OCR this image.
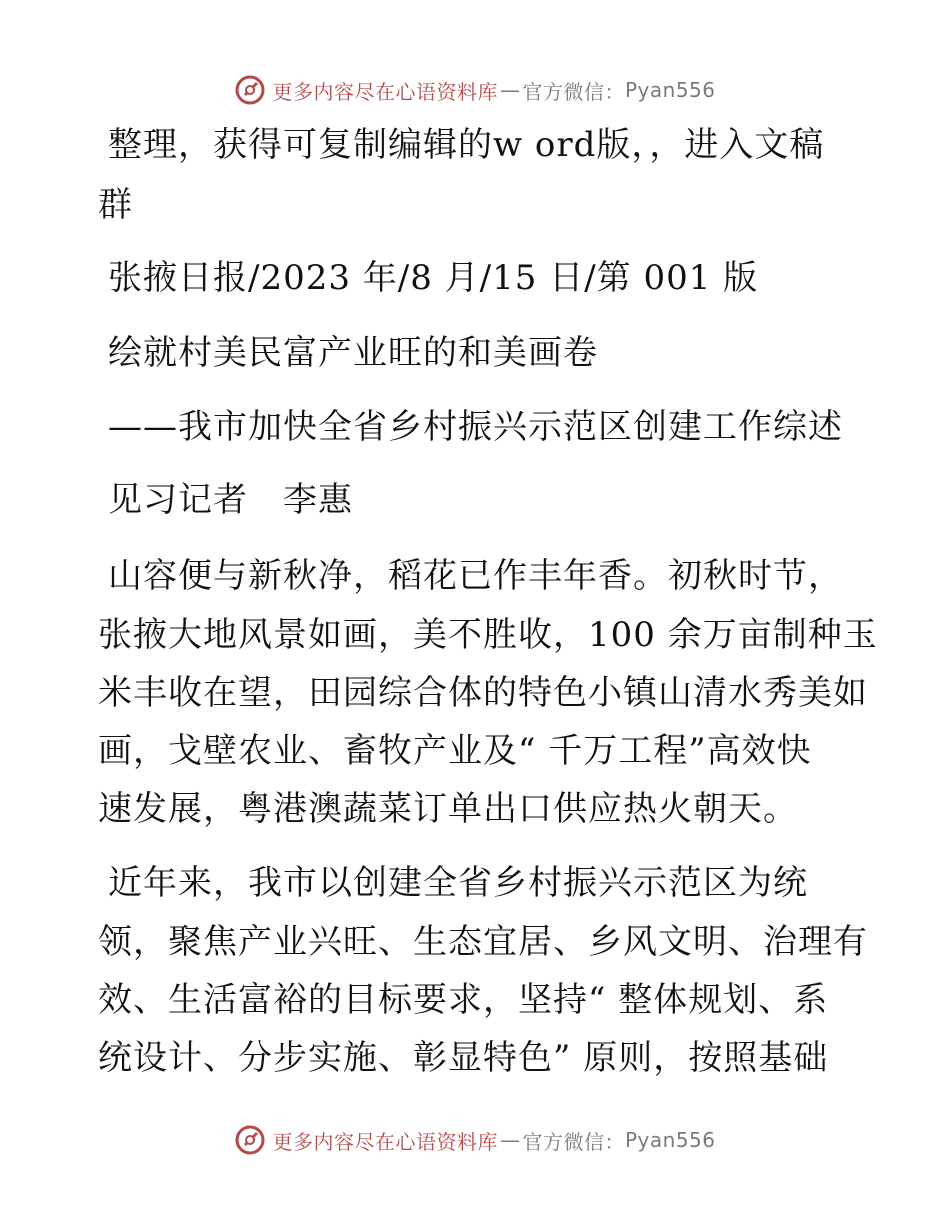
更多内容尽在心语资料库 — 官方微信： Pyan556
整理，获得可复制编辑的w ord版，，进入文稿
群
张掖日报/2023 年/8 月/15 日/第 001 版
绘就村美民富产业旺的和美画卷
——我市加快全省乡村振兴示范区创建工作综述
见习记者　李惠
山容便与新秋净，稻花已作丰年香。初秋时节，
张掖大地风景如画，美不胜收，100 余万亩制种玉
米丰收在望，田园综合体的特色小镇山清水秀美如
画，戈壁农业、畜牧产业及“ 千万工程”高效快
速发展，粤港澳蔬菜订单出口供应热火朝天。
近年来，我市以创建全省乡村振兴示范区为统
领，聚焦产业兴旺、生态宜居、乡风文明、治理有
效、生活富裕的目标要求，坚持“ 整体规划、系
统设计、分步实施、彰显特色” 原则，按照基础
更多内容尽在心语资料库 — 官方微信： Pyan556
